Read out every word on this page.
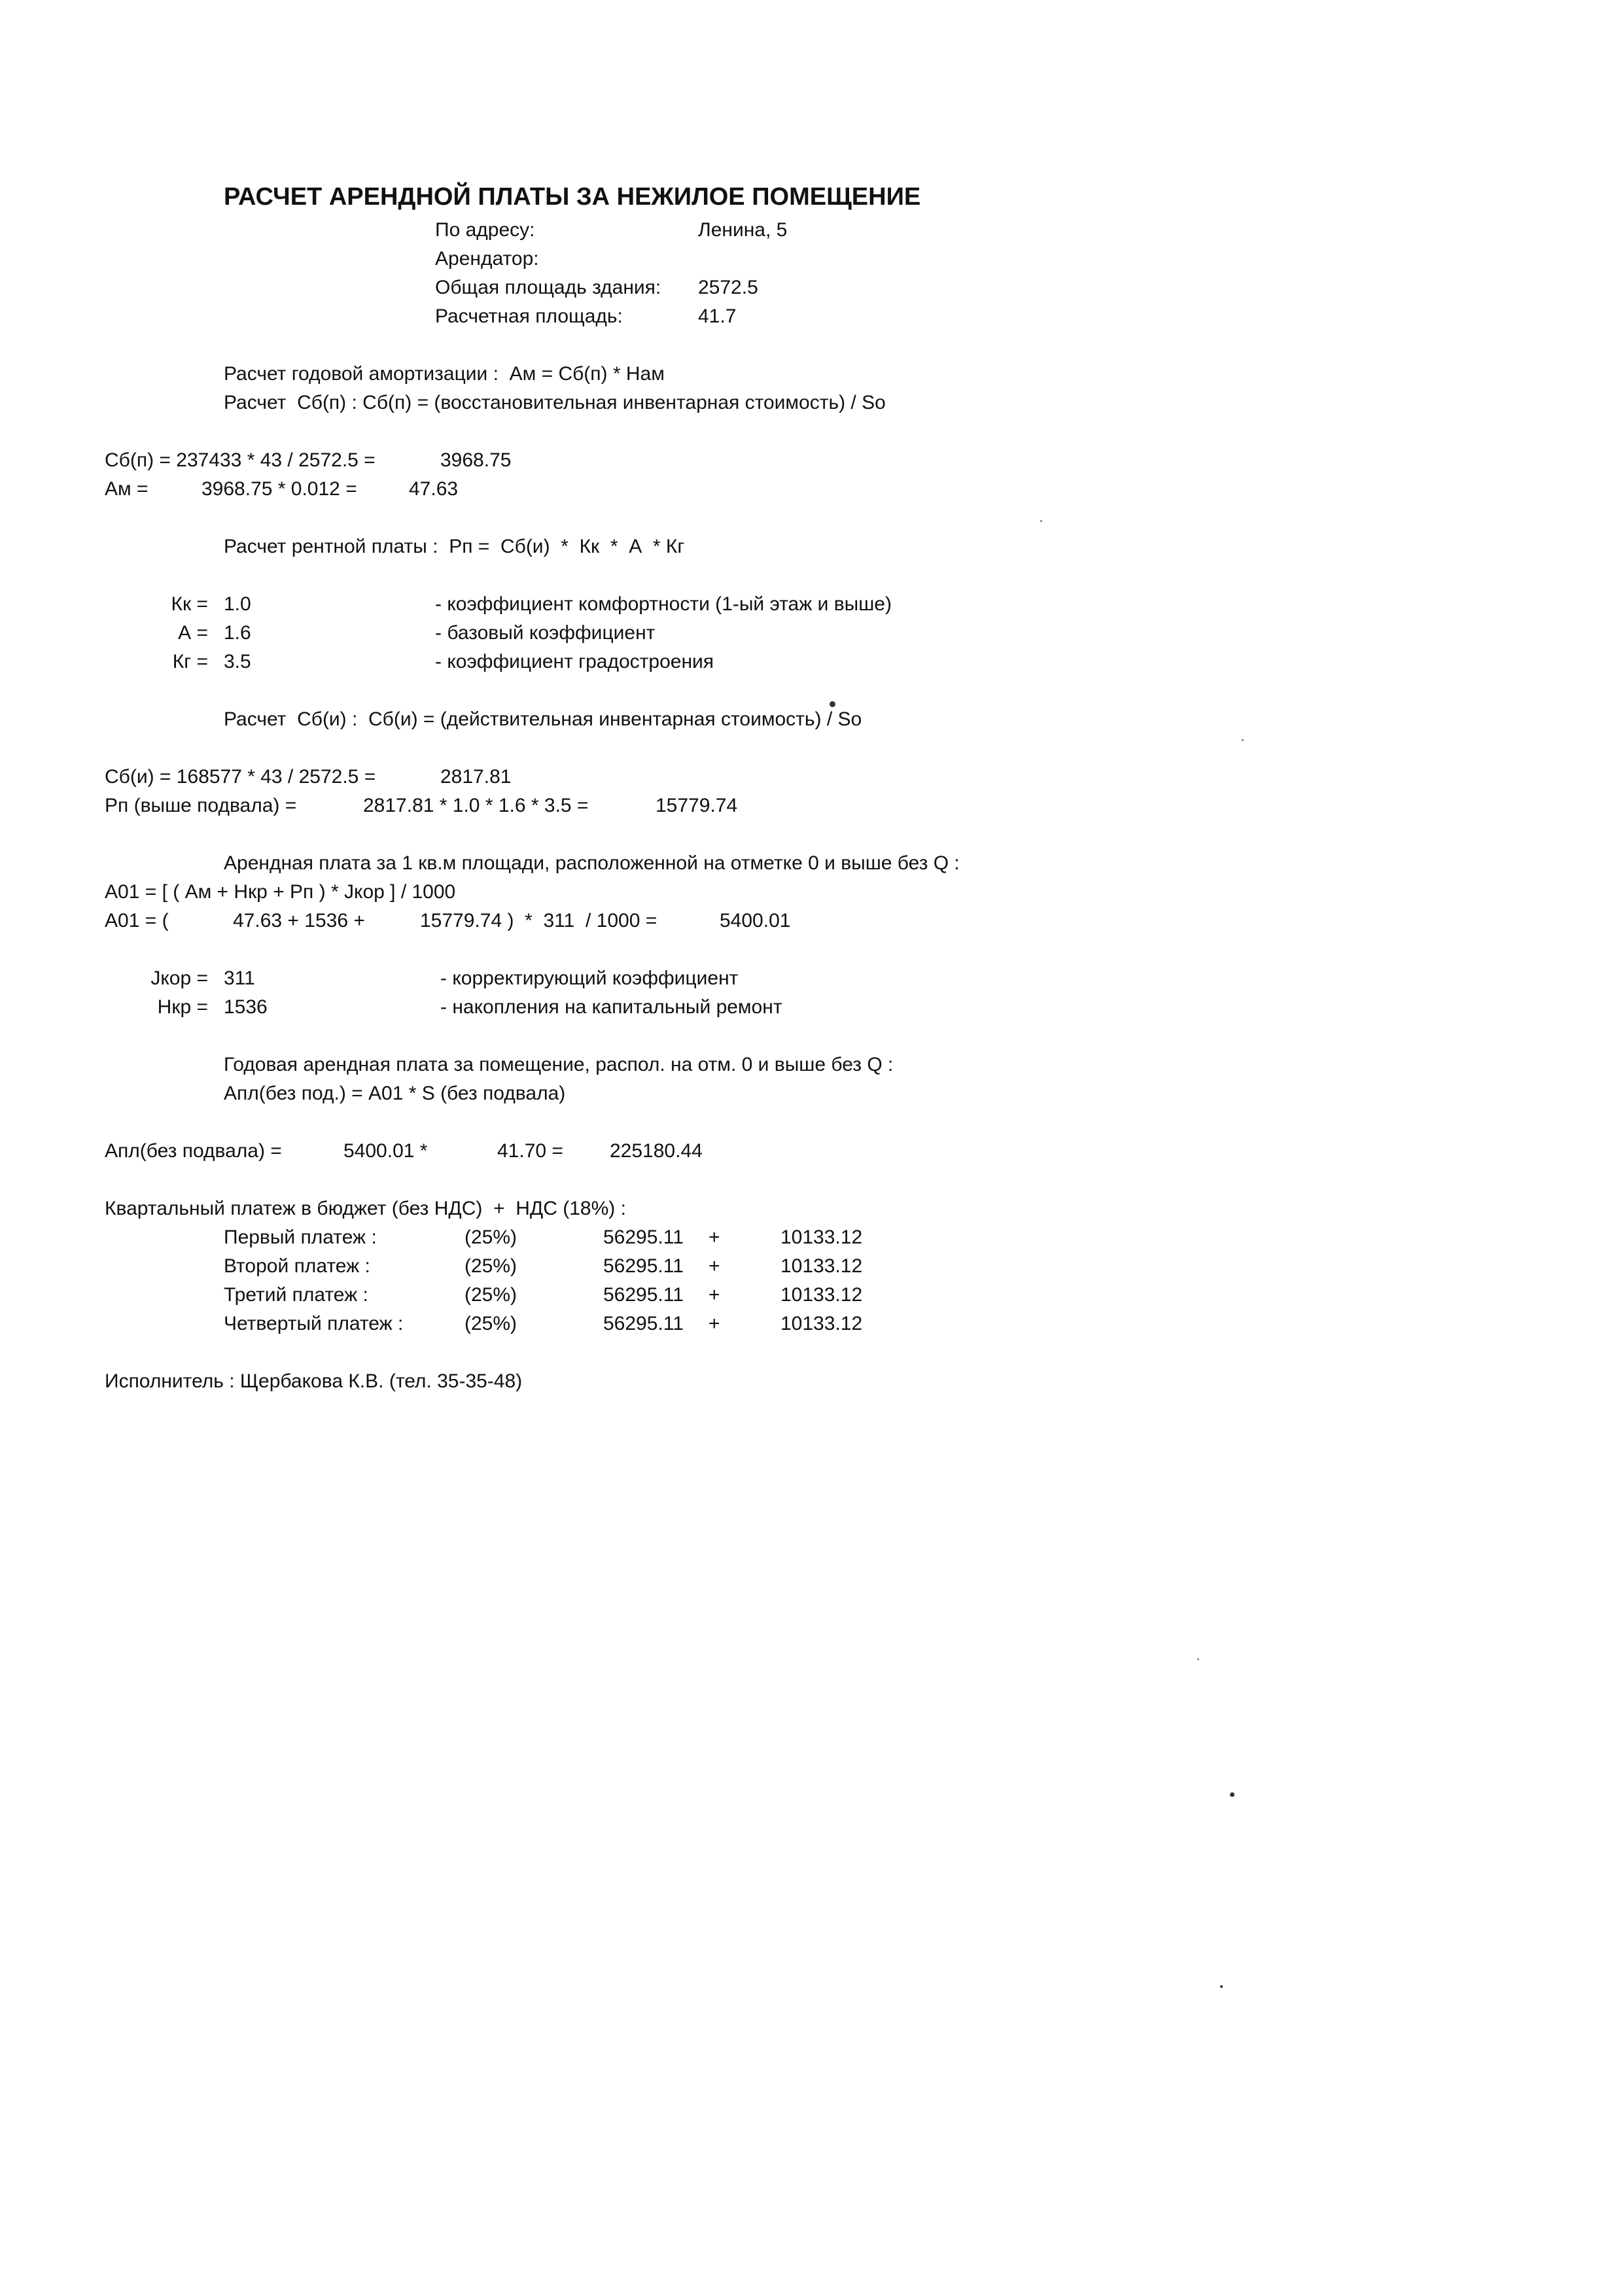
РАСЧЕТ АРЕНДНОЙ ПЛАТЫ ЗА НЕЖИЛОЕ ПОМЕЩЕНИЕ
По адресу:	Ленина, 5
Арендатор:
Общая площадь здания: 2572.5
Расчетная площадь:	41.7
Расчет годовой амортизации :  Ам = Сб(п) * Нам
Расчет  Сб(п) : Сб(п) = (восстановительная инвентарная стоимость) / So
Сб(п) = 237433 * 43 / 2572.5 =	3968.75
Ам =	3968.75 * 0.012 =	47.63
Расчет рентной платы :  Рп =  Сб(и)  *  Кк  *  А  * Кг
Кк = 1.0	- коэффициент комфортности (1-ый этаж и выше)
А = 1.6	- базовый коэффициент
Кг = 3.5	- коэффициент градостроения
Расчет  Сб(и) :  Сб(и) = (действительная инвентарная стоимость) / So
Сб(и) = 168577 * 43 / 2572.5 =	2817.81
Рп (выше подвала) =	2817.81 * 1.0 * 1.6 * 3.5 =	15779.74
Арендная плата за 1 кв.м площади, расположенной на отметке 0 и выше без Q :
А01 = [ ( Ам + Нкр + Рп ) * Jкор ] / 1000
А01 = (	47.63 + 1536 +	15779.74 )  *  311  / 1000 =	5400.01
Jкор = 311	- корректирующий коэффициент
Нкр = 1536	- накопления на капитальный ремонт
Годовая арендная плата за помещение, распол. на отм. 0 и выше без Q :
Апл(без под.) = А01 * S (без подвала)
Апл(без подвала) =	5400.01 *	41.70 = 225180.44
Квартальный платеж в бюджет (без НДС)  +  НДС (18%) :
Первый платеж :	(25%)	56295.11 +	10133.12
Второй платеж :	(25%)	56295.11 +	10133.12
Третий платеж :	(25%)	56295.11 +	10133.12
Четвертый платеж :	(25%)	56295.11 +	10133.12
Исполнитель : Щербакова К.В. (тел. 35-35-48)
